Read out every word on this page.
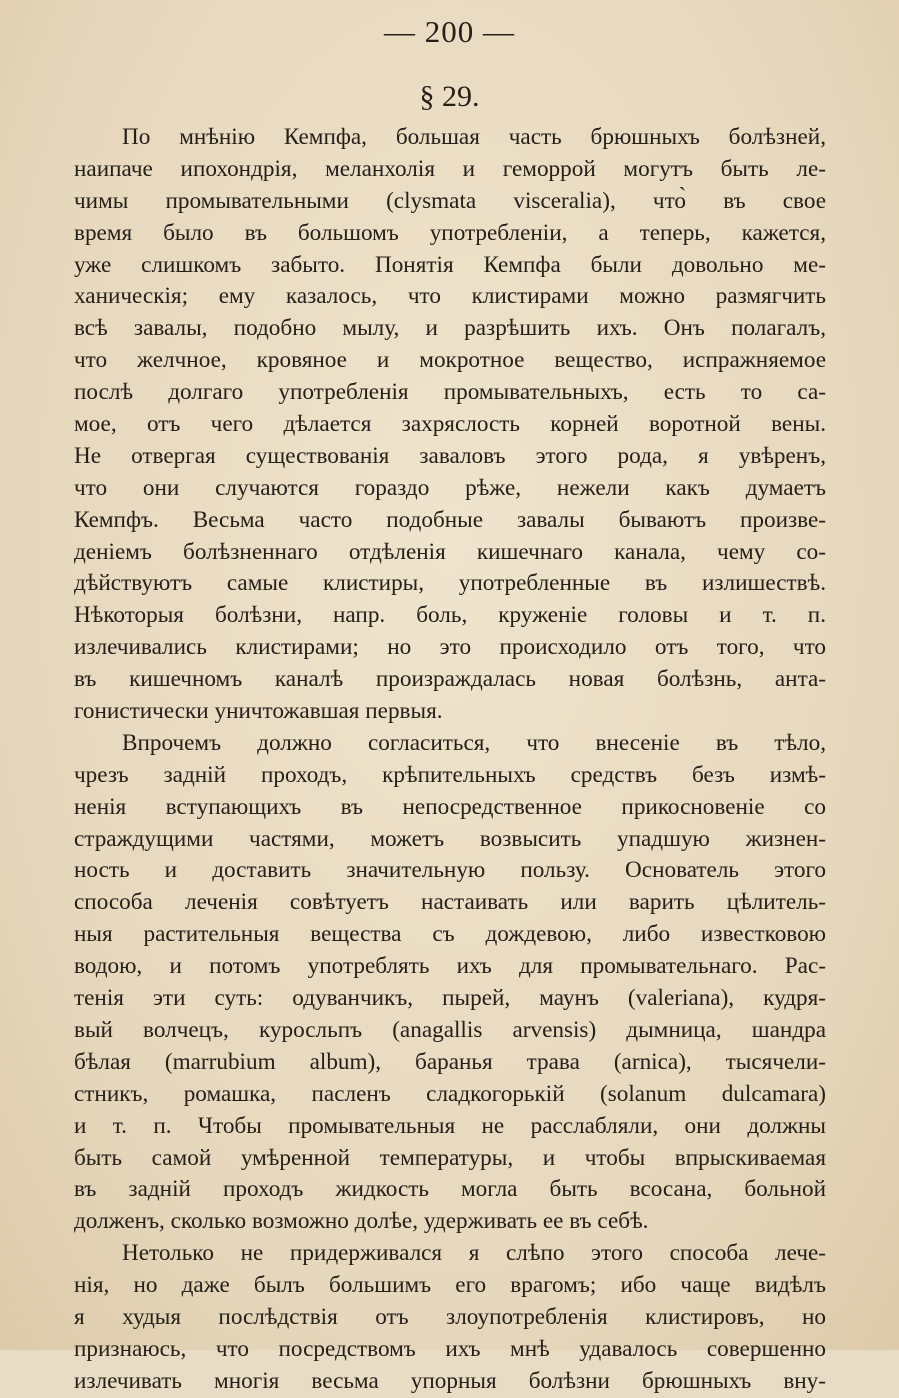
— 200 —
§ 29.
По мнѣнію Кемпфа, большая часть брюшныхъ болѣзней,
наипаче ипохондрія, меланхолія и геморрой могутъ быть ле-
чимы промывательными (clysmata viscerаlia), что̀ въ свое
время было въ большомъ употребленіи, а теперь, кажется,
уже слишкомъ забыто. Понятія Кемпфа были довольно ме-
ханическія; ему казалось, что клистирами можно размягчить
всѣ завалы, подобно мылу, и разрѣшить ихъ. Онъ полагалъ,
что желчное, кровяное и мокротное вещество, испражняемое
послѣ долгаго употребленія промывательныхъ, есть то са-
мое, отъ чего дѣлается захряслость корней воротной вены.
Не отвергая существованія заваловъ этого рода, я увѣренъ,
что они случаются гораздо рѣже, нежели какъ думаетъ
Кемпфъ. Весьма часто подобные завалы бываютъ произве-
деніемъ болѣзненнаго отдѣленія кишечнаго канала, чему со-
дѣйствуютъ самые клистиры, употребленные въ излишествѣ.
Нѣкоторыя болѣзни, напр. боль, круженіе головы и т. п.
излечивались клистирами; но это происходило отъ того, что
въ кишечномъ каналѣ произраждалась новая болѣзнь, анта-
гонистически уничтожавшая первыя.
Впрочемъ должно согласиться, что внесеніе въ тѣло,
чрезъ задній проходъ, крѣпительныхъ средствъ безъ измѣ-
ненія вступающихъ въ непосредственное прикосновеніе со
страждущими частями, можетъ возвысить упадшую жизнен-
ность и доставить значительную пользу. Основатель этого
способа леченія совѣтуетъ настаивать или варить цѣлитель-
ныя растительныя вещества съ дождевою, либо известковою
водою, и потомъ употреблять ихъ для промывательнаго. Рас-
тенія эти суть: одуванчикъ, пырей, маунъ (valeriana), кудря-
вый волчецъ, куросльпъ (anagallis arvensis) дымница, шандра
бѣлая (marrubium album), баранья трава (arnica), тысячели-
стникъ, ромашка, пасленъ сладкогорькій (solanum dulcamara)
и т. п. Чтобы промывательныя не расслабляли, они должны
быть самой умѣренной температуры, и чтобы впрыскиваемая
въ задній проходъ жидкость могла быть всосана, больной
долженъ, сколько возможно долѣе, удерживать ее въ себѣ.
Нетолько не придерживался я слѣпо этого способа лече-
нія, но даже былъ большимъ его врагомъ; ибо чаще видѣлъ
я худыя послѣдствія отъ злоупотребленія клистировъ, но
признаюсь, что посредствомъ ихъ мнѣ удавалось совершенно
излечивать многія весьма упорныя болѣзни брюшныхъ вну-
